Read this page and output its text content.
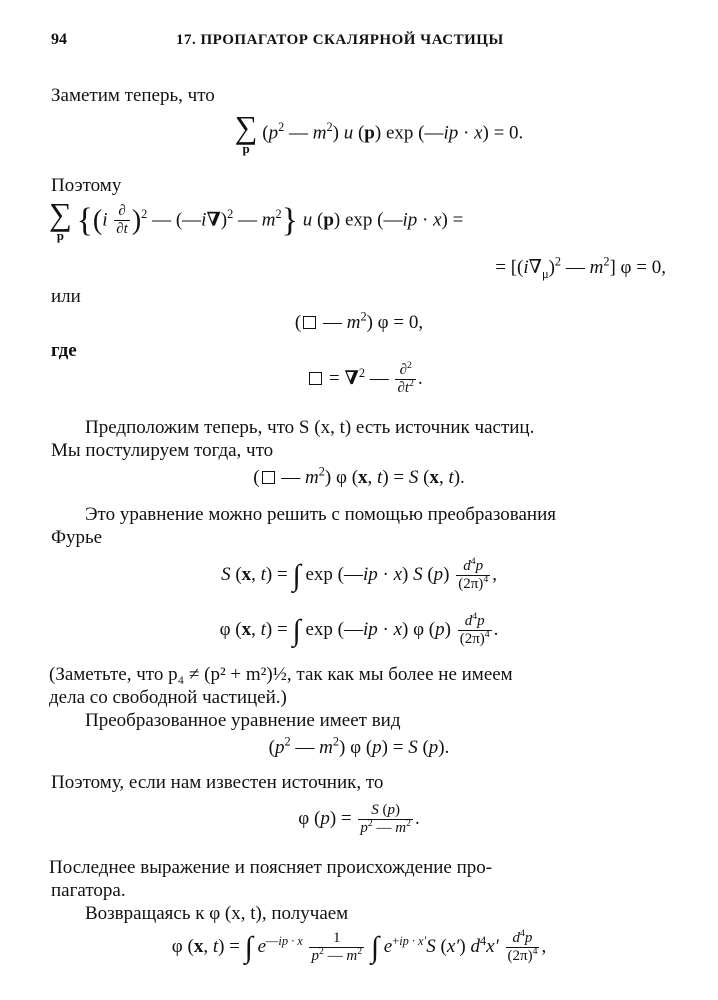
94	17. ПРОПАГАТОР СКАЛЯРНОЙ ЧАСТИЦЫ
Заметим теперь, что
∑
p
($p^2$ — $m^2$) u (p) exp (—ip · x) = 0.
Поэтому
∑
p {$(i \frac{\partial}{\partial t} )^2$ — (—i∇)$^2$ — $m^2$} u (p) exp (—ip · x) =
= [$(i\nabla_\mu)^2$ — $m^2$] φ = 0,
или
( — $m^2$) φ = 0,
где
= ∇$^2$ — $\frac{\partial^2}{\partial t^2}$ .
Предположим теперь, что S (x, t) есть источник частиц.
Мы постулируем тогда, что
( — $m^2$) φ (x, t) = S (x, t).
Это уравнение можно решить с помощью преобразования
Фурье
S (x, t) = ∫ exp (—ip · x) S $(p) \frac{d^4p}{(2\pi)^4}$ ,
φ (x, t) = ∫ exp (—ip · x) φ $(p) \frac{d^4p}{(2\pi)^4}$ .
(Заметьте, что p₄ ≠ (p² + m²)½, так как мы более не имеем
дела со свободной частицей.)
Преобразованное уравнение имеет вид
($p^2$ — $m^2$) φ (p) = S (p).
Поэтому, если нам известен источник, то
φ $(p) = \frac{S (p)}{p^2 — m^2}$ .
Последнее выражение и поясняет происхождение про-
пагатора.
Возвращаясь к φ (x, t), получаем
φ (x, t) = ∫ $e^{—ip \cdot x} \frac{1}{p^2 — m^2}$ ∫ $e^{+ip \cdot x'}S$ (x′) $d^4x' \frac{d^4p}{(2\pi)^4}$ ,
